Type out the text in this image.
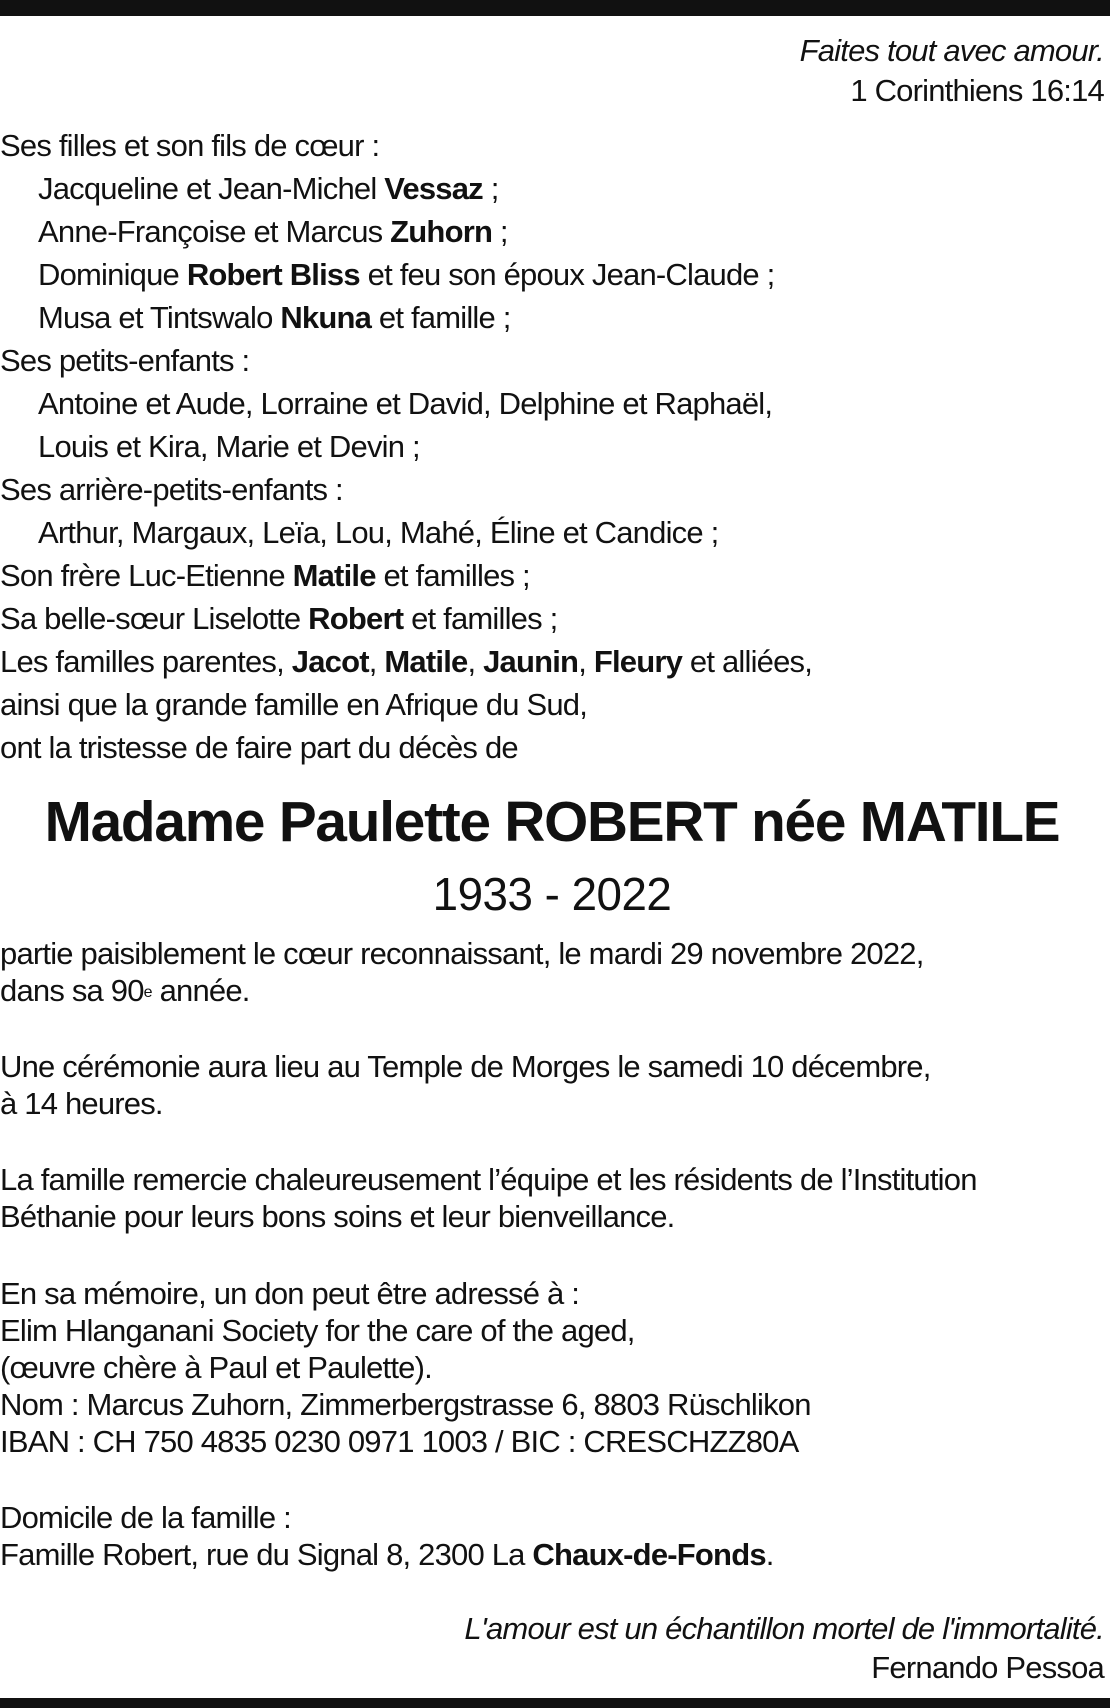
Faites tout avec amour.
1 Corinthiens 16:14
Ses filles et son fils de cœur :
Jacqueline et Jean-Michel Vessaz ;
Anne-Françoise et Marcus Zuhorn ;
Dominique Robert Bliss et feu son époux Jean-Claude ;
Musa et Tintswalo Nkuna et famille ;
Ses petits-enfants :
Antoine et Aude, Lorraine et David, Delphine et Raphaël,
Louis et Kira, Marie et Devin ;
Ses arrière-petits-enfants :
Arthur, Margaux, Leïa, Lou, Mahé, Éline et Candice ;
Son frère Luc-Etienne Matile et familles ;
Sa belle-sœur Liselotte Robert et familles ;
Les familles parentes, Jacot, Matile, Jaunin, Fleury et alliées,
ainsi que la grande famille en Afrique du Sud,
ont la tristesse de faire part du décès de
Madame Paulette ROBERT née MATILE
1933 - 2022
partie paisiblement le cœur reconnaissant, le mardi 29 novembre 2022,
dans sa 90e année.
Une cérémonie aura lieu au Temple de Morges le samedi 10 décembre,
à 14 heures.
La famille remercie chaleureusement l’équipe et les résidents de l’Institution
Béthanie pour leurs bons soins et leur bienveillance.
En sa mémoire, un don peut être adressé à :
Elim Hlanganani Society for the care of the aged,
(œuvre chère à Paul et Paulette).
Nom : Marcus Zuhorn, Zimmerbergstrasse 6, 8803 Rüschlikon
IBAN : CH 750 4835 0230 0971 1003 / BIC : CRESCHZZ80A
Domicile de la famille :
Famille Robert, rue du Signal 8, 2300 La Chaux-de-Fonds.
L'amour est un échantillon mortel de l'immortalité.
Fernando Pessoa
